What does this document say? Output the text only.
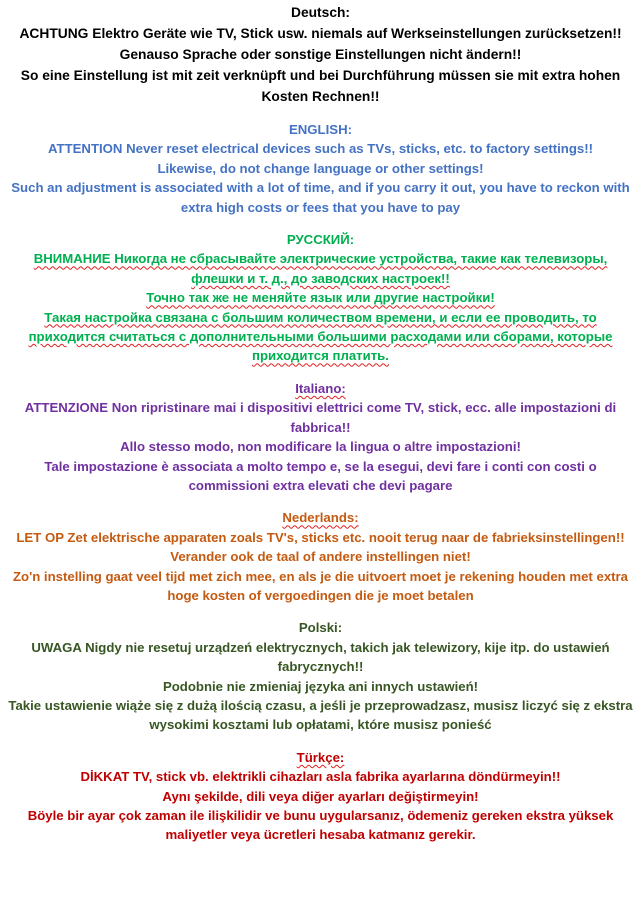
Deutsch:

ACHTUNG Elektro Geräte wie TV, Stick usw. niemals auf Werkseinstellungen zurücksetzen!!

Genauso Sprache oder sonstige Einstellungen nicht ändern!!

So eine Einstellung ist mit zeit verknüpft und bei Durchführung müssen sie mit extra hohen Kosten Rechnen!!

ENGLISH:

ATTENTION Never reset electrical devices such as TVs, sticks, etc. to factory settings!!

Likewise, do not change language or other settings!

Such an adjustment is associated with a lot of time, and if you carry it out, you have to reckon with extra high costs or fees that you have to pay

РУССКИЙ:

ВНИМАНИЕ Никогда не сбрасывайте электрические устройства, такие как телевизоры, флешки и т. д., до заводских настроек!!

Точно так же не меняйте язык или другие настройки!

Такая настройка связана с большим количеством времени, и если ее проводить, то приходится считаться с дополнительными большими расходами или сборами, которые приходится платить.

Italiano:

ATTENZIONE Non ripristinare mai i dispositivi elettrici come TV, stick, ecc. alle impostazioni di fabbrica!!

Allo stesso modo, non modificare la lingua o altre impostazioni!

Tale impostazione è associata a molto tempo e, se la esegui, devi fare i conti con costi o commissioni extra elevati che devi pagare

Nederlands:

LET OP Zet elektrische apparaten zoals TV's, sticks etc. nooit terug naar de fabrieksinstellingen!!

Verander ook de taal of andere instellingen niet!

Zo'n instelling gaat veel tijd met zich mee, en als je die uitvoert moet je rekening houden met extra hoge kosten of vergoedingen die je moet betalen

Polski:

UWAGA Nigdy nie resetuj urządzeń elektrycznych, takich jak telewizory, kije itp. do ustawień fabrycznych!!

Podobnie nie zmieniaj języka ani innych ustawień!

Takie ustawienie wiąże się z dużą ilością czasu, a jeśli je przeprowadzasz, musisz liczyć się z ekstra wysokimi kosztami lub opłatami, które musisz ponieść

Türkçe:

DİKKAT TV, stick vb. elektrikli cihazları asla fabrika ayarlarına döndürmeyin!!

Aynı şekilde, dili veya diğer ayarları değiştirmeyin!

Böyle bir ayar çok zaman ile ilişkilidir ve bunu uygularsanız, ödemeniz gereken ekstra yüksek maliyetler veya ücretleri hesaba katmanız gerekir.
